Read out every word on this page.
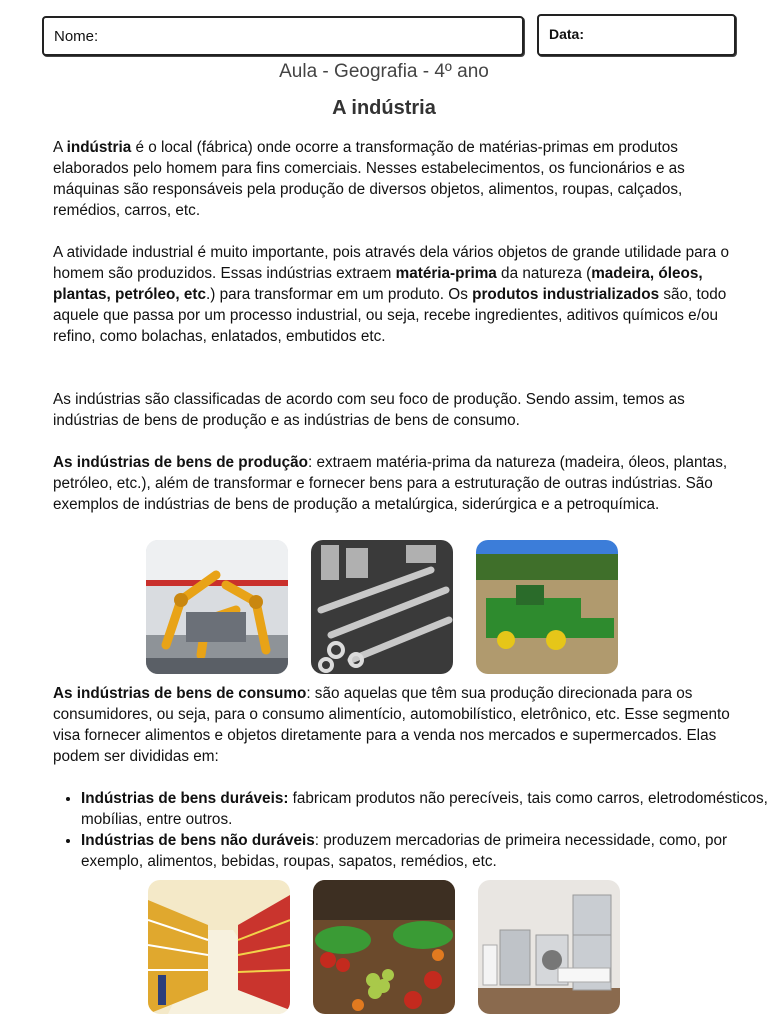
Nome:	Data:
Aula - Geografia - 4º ano
A indústria

A indústria é o local (fábrica) onde ocorre a transformação de matérias-primas em produtos elaborados pelo homem para fins comerciais. Nesses estabelecimentos, os funcionários e as máquinas são responsáveis pela produção de diversos objetos, alimentos, roupas, calçados, remédios, carros, etc.

A atividade industrial é muito importante, pois através dela vários objetos de grande utilidade para o homem são produzidos. Essas indústrias extraem matéria-prima da natureza (madeira, óleos, plantas, petróleo, etc.) para transformar em um produto. Os produtos industrializados são, todo aquele que passa por um processo industrial, ou seja, recebe ingredientes, aditivos químicos e/ou refino, como bolachas, enlatados, embutidos etc.

As indústrias são classificadas de acordo com seu foco de produção. Sendo assim, temos as indústrias de bens de produção e as indústrias de bens de consumo.

As indústrias de bens de produção: extraem matéria-prima da natureza (madeira, óleos, plantas, petróleo, etc.), além de transformar e fornecer bens para a estruturação de outras indústrias. São exemplos de indústrias de bens de produção a metalúrgica, siderúrgica e a petroquímica.

As indústrias de bens de consumo: são aquelas que têm sua produção direcionada para os consumidores, ou seja, para o consumo alimentício, automobilístico, eletrônico, etc. Esse segmento visa fornecer alimentos e objetos diretamente para a venda nos mercados e supermercados. Elas podem ser divididas em:

• Indústrias de bens duráveis: fabricam produtos não perecíveis, tais como carros, eletrodomésticos, mobílias, entre outros.
• Indústrias de bens não duráveis: produzem mercadorias de primeira necessidade, como, por exemplo, alimentos, bebidas, roupas, sapatos, remédios, etc.
